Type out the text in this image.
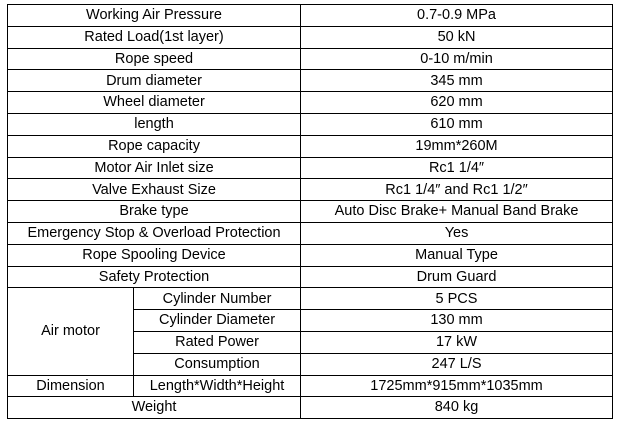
Working Air Pressure		0.7-0.9 MPa
Rated Load(1st layer)		50 kN
Rope speed		0-10 m/min
Drum diameter		345 mm
Wheel diameter		620 mm
length		610 mm
Rope capacity		19mm*260M
Motor Air Inlet size		Rc1 1/4″
Valve Exhaust Size		Rc1 1/4″ and Rc1 1/2″
Brake type		Auto Disc Brake+ Manual Band Brake
Emergency Stop & Overload Protection		Yes
Rope Spooling Device		Manual Type
Safety Protection		Drum Guard
Air motor	Cylinder Number	5 PCS
	Cylinder Diameter	130 mm
	Rated Power	17 kW
	Consumption	247 L/S
Dimension	Length*Width*Height	1725mm*915mm*1035mm
Weight		840 kg
